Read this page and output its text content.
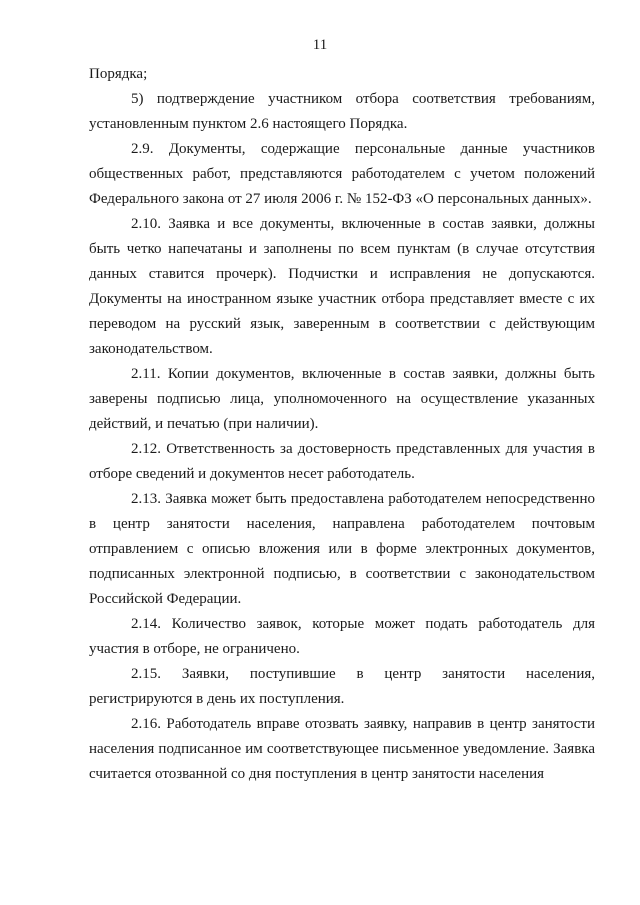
11

Порядка;

5) подтверждение участником отбора соответствия требованиям, установленным пунктом 2.6 настоящего Порядка.

2.9. Документы, содержащие персональные данные участников общественных работ, представляются работодателем с учетом положений Федерального закона от 27 июля 2006 г. № 152-ФЗ «О персональных данных».

2.10. Заявка и все документы, включенные в состав заявки, должны быть четко напечатаны и заполнены по всем пунктам (в случае отсутствия данных ставится прочерк). Подчистки и исправления не допускаются. Документы на иностранном языке участник отбора представляет вместе с их переводом на русский язык, заверенным в соответствии с действующим законодательством.

2.11. Копии документов, включенные в состав заявки, должны быть заверены подписью лица, уполномоченного на осуществление указанных действий, и печатью (при наличии).

2.12. Ответственность за достоверность представленных для участия в отборе сведений и документов несет работодатель.

2.13. Заявка может быть предоставлена работодателем непосредственно в центр занятости населения, направлена работодателем почтовым отправлением с описью вложения или в форме электронных документов, подписанных электронной подписью, в соответствии с законодательством Российской Федерации.

2.14. Количество заявок, которые может подать работодатель для участия в отборе, не ограничено.

2.15. Заявки, поступившие в центр занятости населения, регистрируются в день их поступления.

2.16. Работодатель вправе отозвать заявку, направив в центр занятости населения подписанное им соответствующее письменное уведомление. Заявка считается отозванной со дня поступления в центр занятости населения
